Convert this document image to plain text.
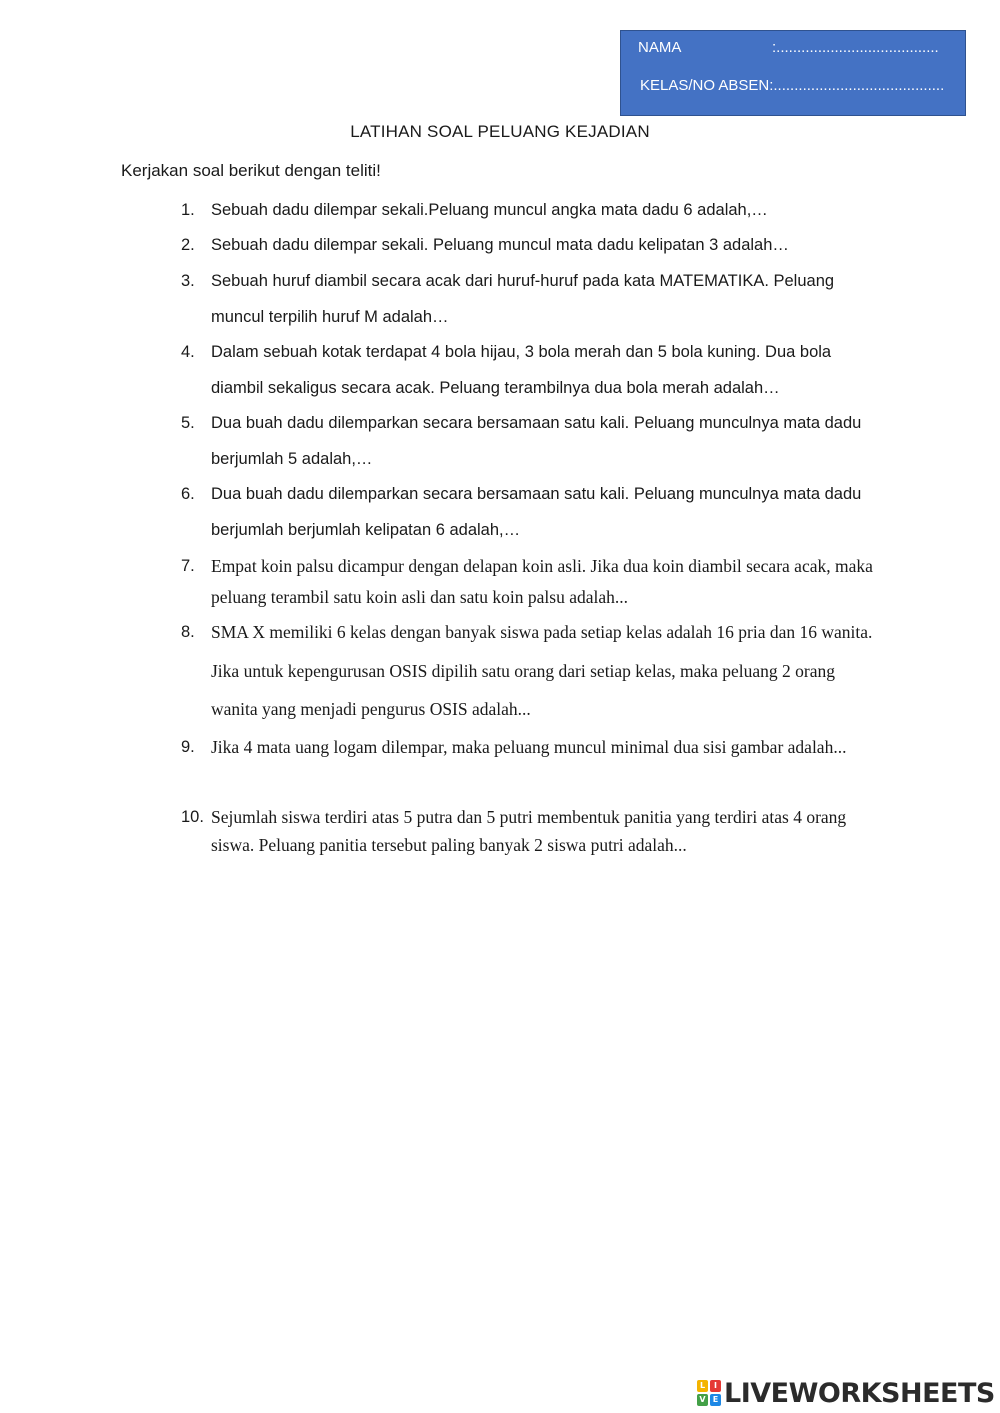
NAMA	:.......................................
KELAS/NO ABSEN:.........................................
LATIHAN SOAL PELUANG KEJADIAN
Kerjakan soal berikut dengan teliti!
1. Sebuah dadu dilempar sekali.Peluang muncul angka mata dadu 6 adalah,…
2. Sebuah dadu dilempar sekali. Peluang muncul mata dadu kelipatan 3 adalah…
3. Sebuah huruf diambil secara acak dari huruf-huruf pada kata MATEMATIKA. Peluang muncul terpilih huruf M adalah…
4. Dalam sebuah kotak terdapat 4 bola hijau, 3 bola merah dan 5 bola kuning. Dua bola diambil sekaligus secara acak. Peluang terambilnya dua bola merah adalah…
5. Dua buah dadu dilemparkan secara bersamaan satu kali. Peluang munculnya mata dadu berjumlah 5 adalah,…
6. Dua buah dadu dilemparkan secara bersamaan satu kali. Peluang munculnya mata dadu berjumlah berjumlah kelipatan 6 adalah,…
7. Empat koin palsu dicampur dengan delapan koin asli. Jika dua koin diambil secara acak, maka peluang terambil satu koin asli dan satu koin palsu adalah...
8. SMA X memiliki 6 kelas dengan banyak siswa pada setiap kelas adalah 16 pria dan 16 wanita. Jika untuk kepengurusan OSIS dipilih satu orang dari setiap kelas, maka peluang 2 orang wanita yang menjadi pengurus OSIS adalah...
9. Jika 4 mata uang logam dilempar, maka peluang muncul minimal dua sisi gambar adalah...
10. Sejumlah siswa terdiri atas 5 putra dan 5 putri membentuk panitia yang terdiri atas 4 orang siswa. Peluang panitia tersebut paling banyak 2 siswa putri adalah...
L	I
V E LIVEWORKSHEETS
